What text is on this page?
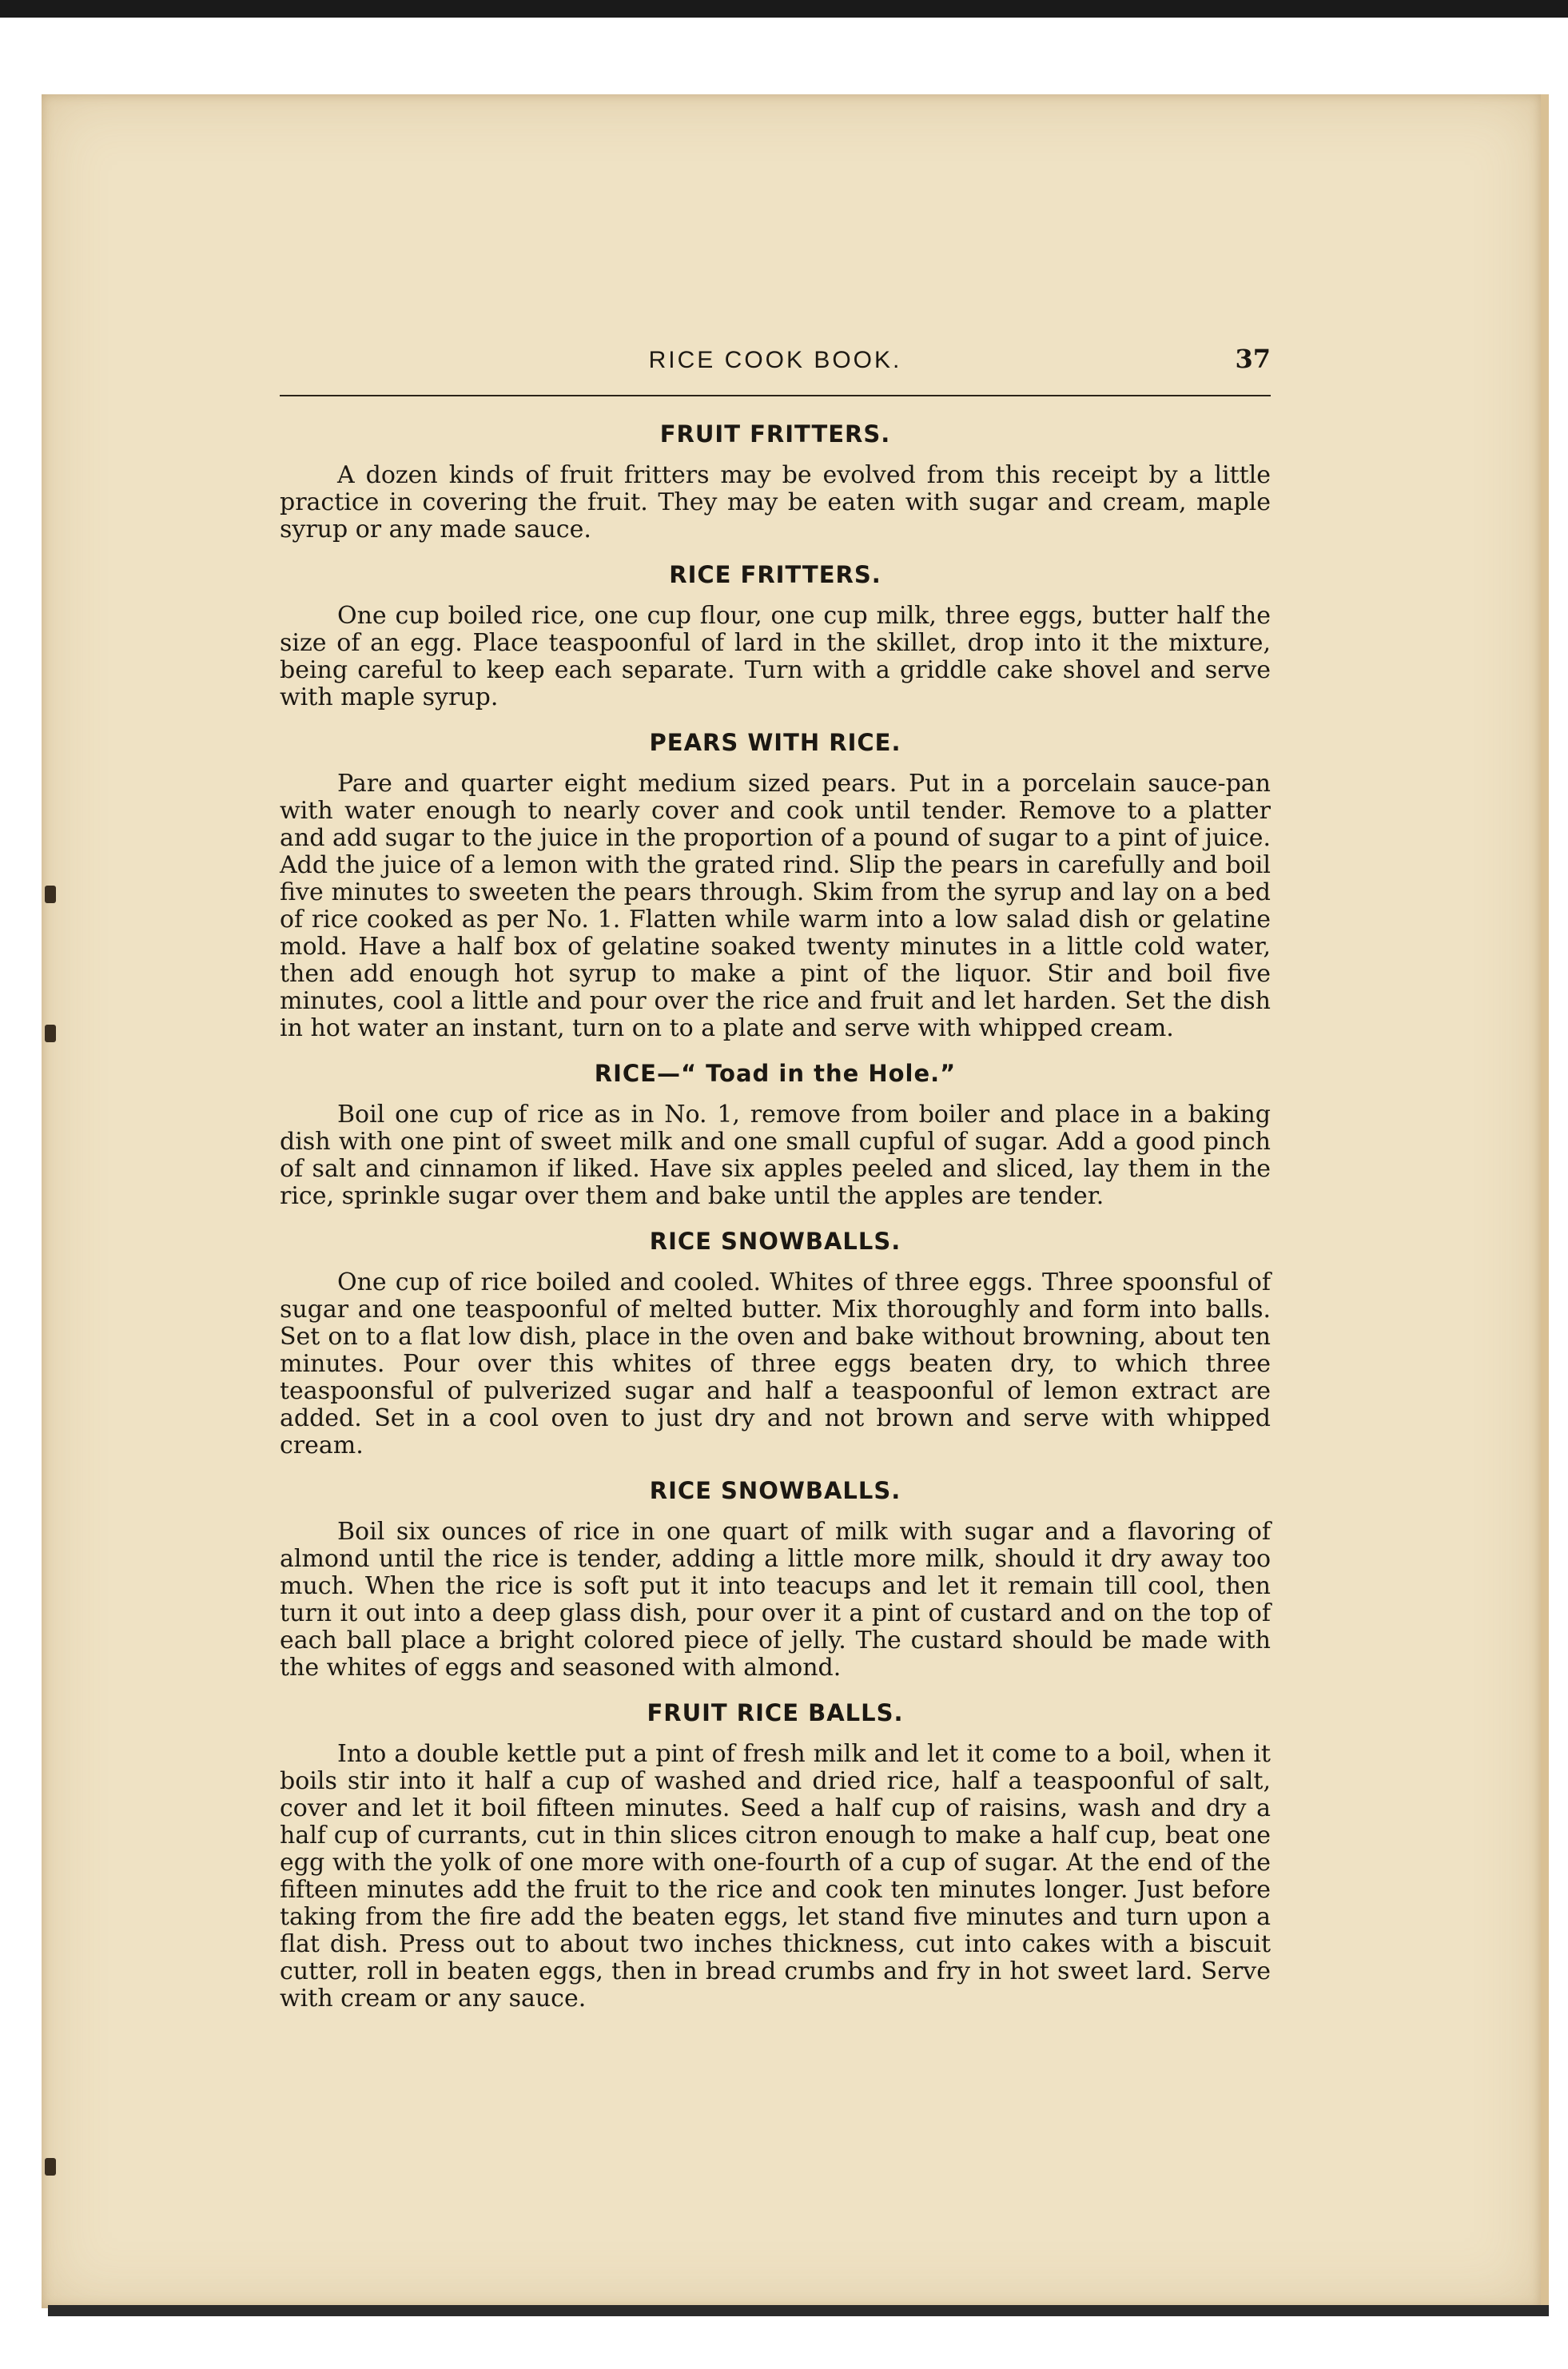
RICE COOK BOOK.	37
FRUIT FRITTERS.

A dozen kinds of fruit fritters may be evolved from this receipt by a little practice in covering the fruit. They may be eaten with sugar and cream, maple syrup or any made sauce.

RICE FRITTERS.

One cup boiled rice, one cup flour, one cup milk, three eggs, butter half the size of an egg. Place teaspoonful of lard in the skillet, drop into it the mixture, being careful to keep each separate. Turn with a griddle cake shovel and serve with maple syrup.

PEARS WITH RICE.

Pare and quarter eight medium sized pears. Put in a porcelain sauce-pan with water enough to nearly cover and cook until tender. Remove to a platter and add sugar to the juice in the proportion of a pound of sugar to a pint of juice. Add the juice of a lemon with the grated rind. Slip the pears in carefully and boil five minutes to sweeten the pears through. Skim from the syrup and lay on a bed of rice cooked as per No. 1. Flatten while warm into a low salad dish or gelatine mold. Have a half box of gelatine soaked twenty minutes in a little cold water, then add enough hot syrup to make a pint of the liquor. Stir and boil five minutes, cool a little and pour over the rice and fruit and let harden. Set the dish in hot water an instant, turn on to a plate and serve with whipped cream.

RICE—“ Toad in the Hole.”

Boil one cup of rice as in No. 1, remove from boiler and place in a baking dish with one pint of sweet milk and one small cupful of sugar. Add a good pinch of salt and cinnamon if liked. Have six apples peeled and sliced, lay them in the rice, sprinkle sugar over them and bake until the apples are tender.

RICE SNOWBALLS.

One cup of rice boiled and cooled. Whites of three eggs. Three spoonsful of sugar and one teaspoonful of melted butter. Mix thoroughly and form into balls. Set on to a flat low dish, place in the oven and bake without browning, about ten minutes. Pour over this whites of three eggs beaten dry, to which three teaspoonsful of pulverized sugar and half a teaspoonful of lemon extract are added. Set in a cool oven to just dry and not brown and serve with whipped cream.

RICE SNOWBALLS.

Boil six ounces of rice in one quart of milk with sugar and a flavoring of almond until the rice is tender, adding a little more milk, should it dry away too much. When the rice is soft put it into teacups and let it remain till cool, then turn it out into a deep glass dish, pour over it a pint of custard and on the top of each ball place a bright colored piece of jelly. The custard should be made with the whites of eggs and seasoned with almond.

FRUIT RICE BALLS.

Into a double kettle put a pint of fresh milk and let it come to a boil, when it boils stir into it half a cup of washed and dried rice, half a teaspoonful of salt, cover and let it boil fifteen minutes. Seed a half cup of raisins, wash and dry a half cup of currants, cut in thin slices citron enough to make a half cup, beat one egg with the yolk of one more with one-fourth of a cup of sugar. At the end of the fifteen minutes add the fruit to the rice and cook ten minutes longer. Just before taking from the fire add the beaten eggs, let stand five minutes and turn upon a flat dish. Press out to about two inches thickness, cut into cakes with a biscuit cutter, roll in beaten eggs, then in bread crumbs and fry in hot sweet lard. Serve with cream or any sauce.
